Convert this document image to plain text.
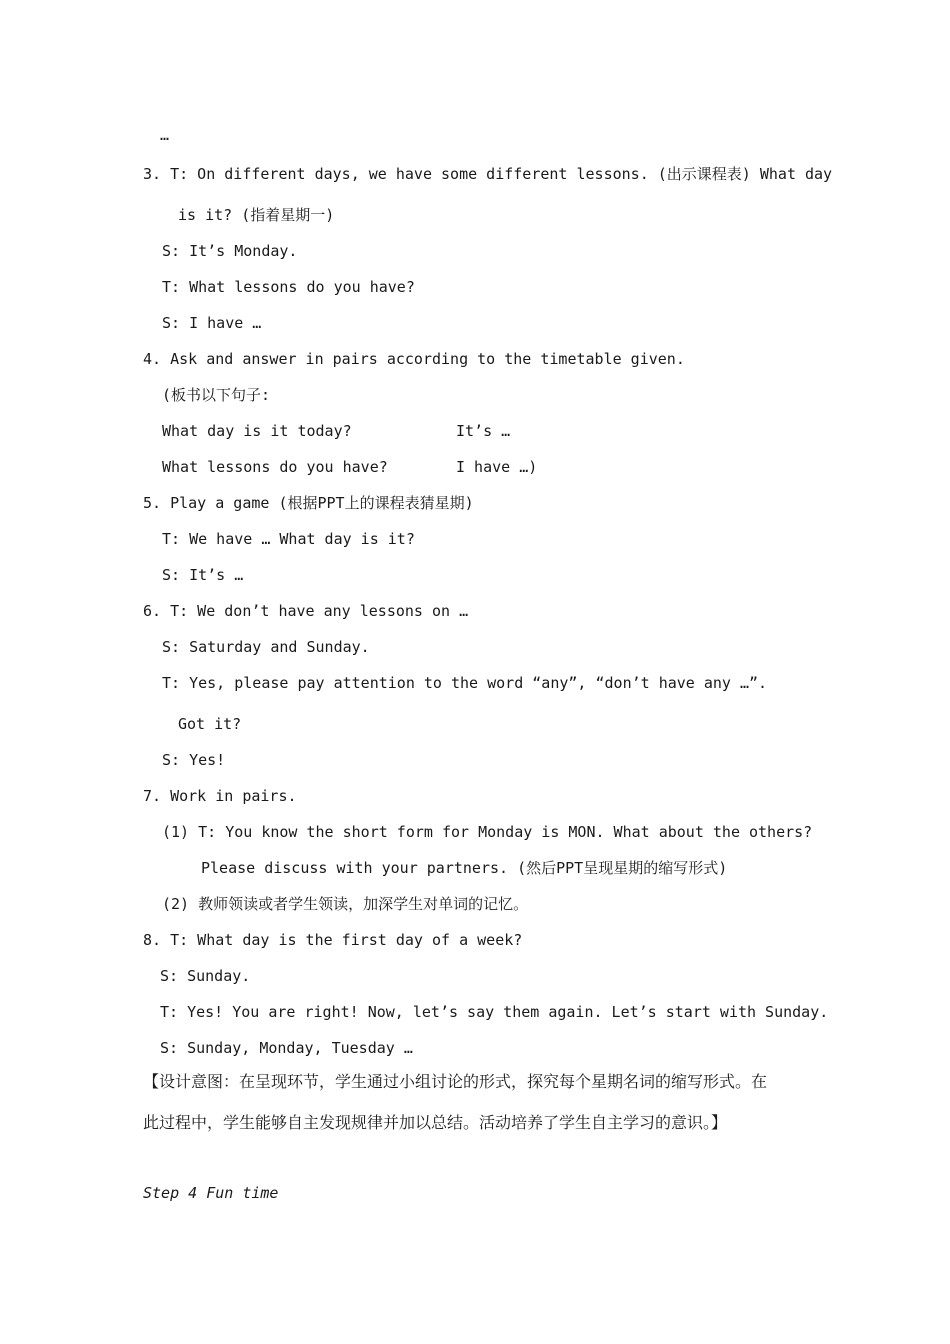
…
3. T: On different days, we have some different lessons. (出示课程表) What day
is it? (指着星期一)
S: It’s Monday.
T: What lessons do you have?
S: I have …
4. Ask and answer in pairs according to the timetable given.
(板书以下句子:
What day is it today?	It’s …
What lessons do you have?	I have …)
5. Play a game (根据PPT上的课程表猜星期)
T: We have … What day is it?
S: It’s …
6. T: We don’t have any lessons on …
S: Saturday and Sunday.
T: Yes, please pay attention to the word “any”, “don’t have any …”.
Got it?
S: Yes!
7. Work in pairs.
(1) T: You know the short form for Monday is MON. What about the others?
Please discuss with your partners. (然后PPT呈现星期的缩写形式)
(2) 教师领读或者学生领读，加深学生对单词的记忆。
8. T: What day is the first day of a week?
S: Sunday.
T: Yes! You are right! Now, let’s say them again. Let’s start with Sunday.
S: Sunday, Monday, Tuesday …
【设计意图：在呈现环节，学生通过小组讨论的形式，探究每个星期名词的缩写形式。在
此过程中，学生能够自主发现规律并加以总结。活动培养了学生自主学习的意识。】
Step 4 Fun time
